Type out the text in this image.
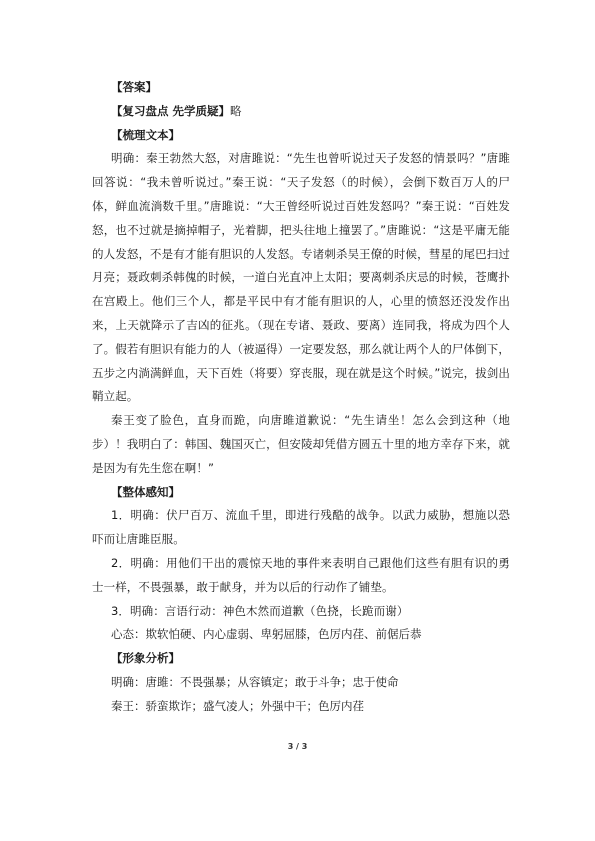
【答案】
【复习盘点 先学质疑】略
【梳理文本】
明确：秦王勃然大怒，对唐雎说：“先生也曾听说过天子发怒的情景吗？”唐雎回答说：“我未曾听说过。”秦王说：“天子发怒（的时候），会倒下数百万人的尸体，鲜血流淌数千里。”唐雎说：“大王曾经听说过百姓发怒吗？”秦王说：“百姓发怒，也不过就是摘掉帽子，光着脚，把头往地上撞罢了。”唐雎说：“这是平庸无能的人发怒，不是有才能有胆识的人发怒。专诸刺杀吴王僚的时候，彗星的尾巴扫过月亮；聂政刺杀韩傀的时候，一道白光直冲上太阳；要离刺杀庆忌的时候，苍鹰扑在宫殿上。他们三个人，都是平民中有才能有胆识的人，心里的愤怒还没发作出来，上天就降示了吉凶的征兆。（现在专诸、聂政、要离）连同我，将成为四个人了。假若有胆识有能力的人（被逼得）一定要发怒，那么就让两个人的尸体倒下，五步之内淌满鲜血，天下百姓（将要）穿丧服，现在就是这个时候。”说完，拔剑出鞘立起。
秦王变了脸色，直身而跪，向唐雎道歉说：“先生请坐！怎么会到这种（地步）！我明白了：韩国、魏国灭亡，但安陵却凭借方圆五十里的地方幸存下来，就是因为有先生您在啊！”
【整体感知】
1．明确：伏尸百万、流血千里，即进行残酷的战争。以武力威胁，想施以恐吓而让唐雎臣服。
2．明确：用他们干出的震惊天地的事件来表明自己跟他们这些有胆有识的勇士一样，不畏强暴，敢于献身，并为以后的行动作了铺垫。
3．明确：言语行动：神色木然而道歉（色挠，长跪而谢）
心态：欺软怕硬、内心虚弱、卑躬屈膝，色厉内荏、前倨后恭
【形象分析】
明确：唐雎：不畏强暴；从容镇定；敢于斗争；忠于使命
秦王：骄蛮欺诈；盛气凌人；外强中干；色厉内荏
3 / 3
